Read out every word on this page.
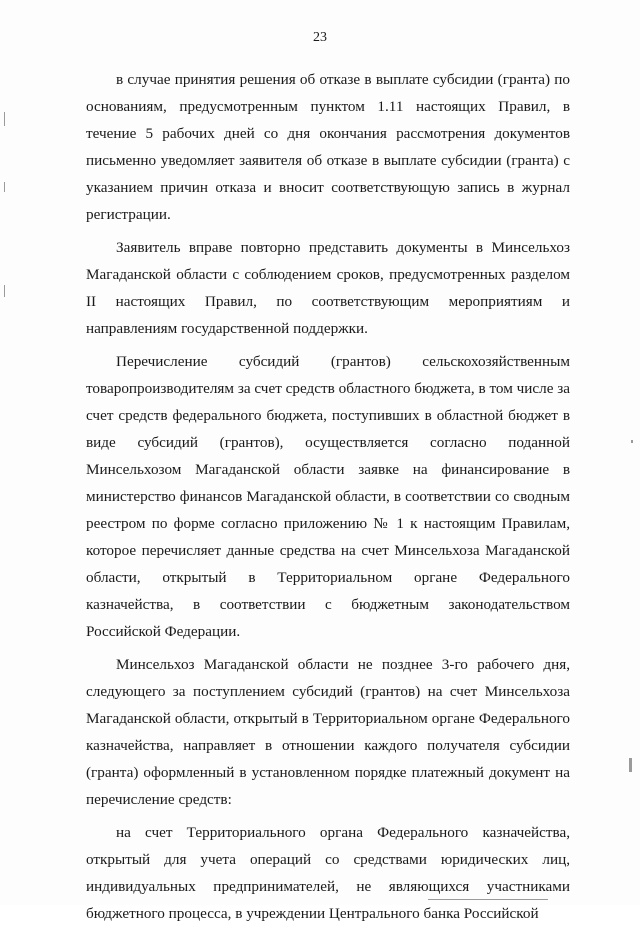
23

в случае принятия решения об отказе в выплате субсидии (гранта) по основаниям, предусмотренным пунктом 1.11 настоящих Правил, в течение 5 рабочих дней со дня окончания рассмотрения документов письменно уведомляет заявителя об отказе в выплате субсидии (гранта) с указанием причин отказа и вносит соответствующую запись в журнал регистрации.

Заявитель вправе повторно представить документы в Минсельхоз Магаданской области с соблюдением сроков, предусмотренных разделом II настоящих Правил, по соответствующим мероприятиям и направлениям государственной поддержки.

Перечисление субсидий (грантов) сельскохозяйственным товаропроизводителям за счет средств областного бюджета, в том числе за счет средств федерального бюджета, поступивших в областной бюджет в виде субсидий (грантов), осуществляется согласно поданной Минсельхозом Магаданской области заявке на финансирование в министерство финансов Магаданской области, в соответствии со сводным реестром по форме согласно приложению № 1 к настоящим Правилам, которое перечисляет данные средства на счет Минсельхоза Магаданской области, открытый в Территориальном органе Федерального казначейства, в соответствии с бюджетным законодательством Российской Федерации.

Минсельхоз Магаданской области не позднее 3-го рабочего дня, следующего за поступлением субсидий (грантов) на счет Минсельхоза Магаданской области, открытый в Территориальном органе Федерального казначейства, направляет в отношении каждого получателя субсидии (гранта) оформленный в установленном порядке платежный документ на перечисление средств:

на счет Территориального органа Федерального казначейства, открытый для учета операций со средствами юридических лиц, индивидуальных предпринимателей, не являющихся участниками бюджетного процесса, в учреждении Центрального банка Российской
